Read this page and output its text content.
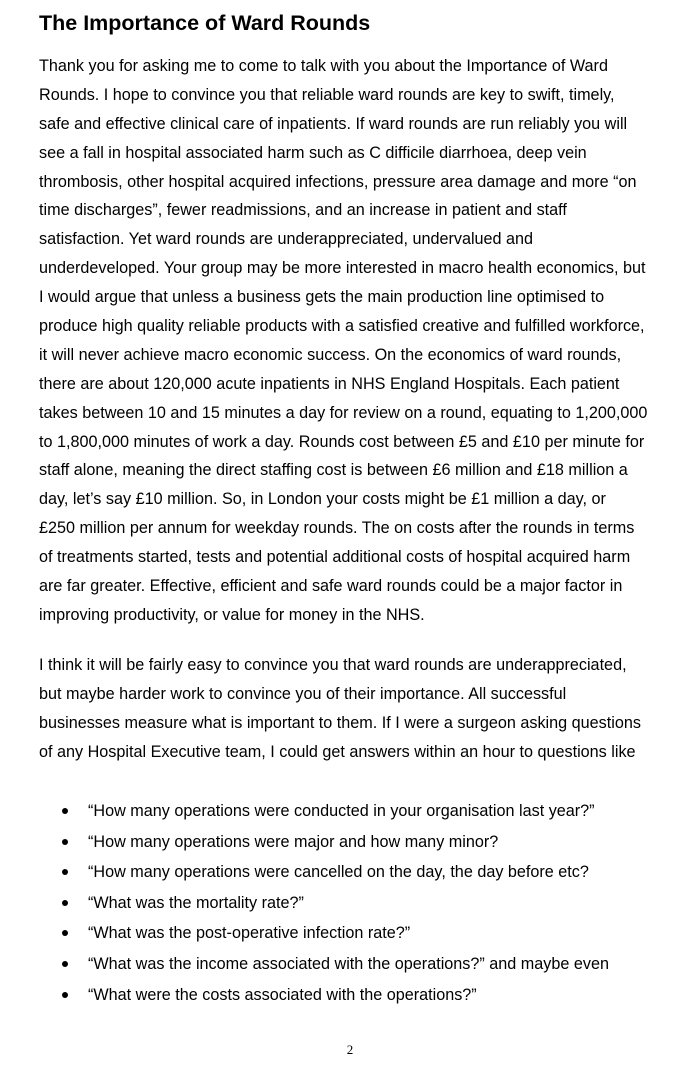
The Importance of Ward Rounds
Thank you for asking me to come to talk with you about the Importance of Ward
Rounds. I hope to convince you that reliable ward rounds are key to swift, timely,
safe and effective clinical care of inpatients. If ward rounds are run reliably you will
see a fall in hospital associated harm such as C difficile diarrhoea, deep vein
thrombosis, other hospital acquired infections, pressure area damage and more “on
time discharges”, fewer readmissions, and an increase in patient and staff
satisfaction. Yet ward rounds are underappreciated, undervalued and
underdeveloped. Your group may be more interested in macro health economics, but
I would argue that unless a business gets the main production line optimised to
produce high quality reliable products with a satisfied creative and fulfilled workforce,
it will never achieve macro economic success. On the economics of ward rounds,
there are about 120,000 acute inpatients in NHS England Hospitals. Each patient
takes between 10 and 15 minutes a day for review on a round, equating to 1,200,000
to 1,800,000 minutes of work a day. Rounds cost between £5 and £10 per minute for
staff alone, meaning the direct staffing cost is between £6 million and £18 million a
day, let’s say £10 million. So, in London your costs might be £1 million a day, or
£250 million per annum for weekday rounds. The on costs after the rounds in terms
of treatments started, tests and potential additional costs of hospital acquired harm
are far greater. Effective, efficient and safe ward rounds could be a major factor in
improving productivity, or value for money in the NHS.
I think it will be fairly easy to convince you that ward rounds are underappreciated,
but maybe harder work to convince you of their importance. All successful
businesses measure what is important to them. If I were a surgeon asking questions
of any Hospital Executive team, I could get answers within an hour to questions like
“How many operations were conducted in your organisation last year?”
“How many operations were major and how many minor?
“How many operations were cancelled on the day, the day before etc?
“What was the mortality rate?”
“What was the post-operative infection rate?”
“What was the income associated with the operations?” and maybe even
“What were the costs associated with the operations?”
2
